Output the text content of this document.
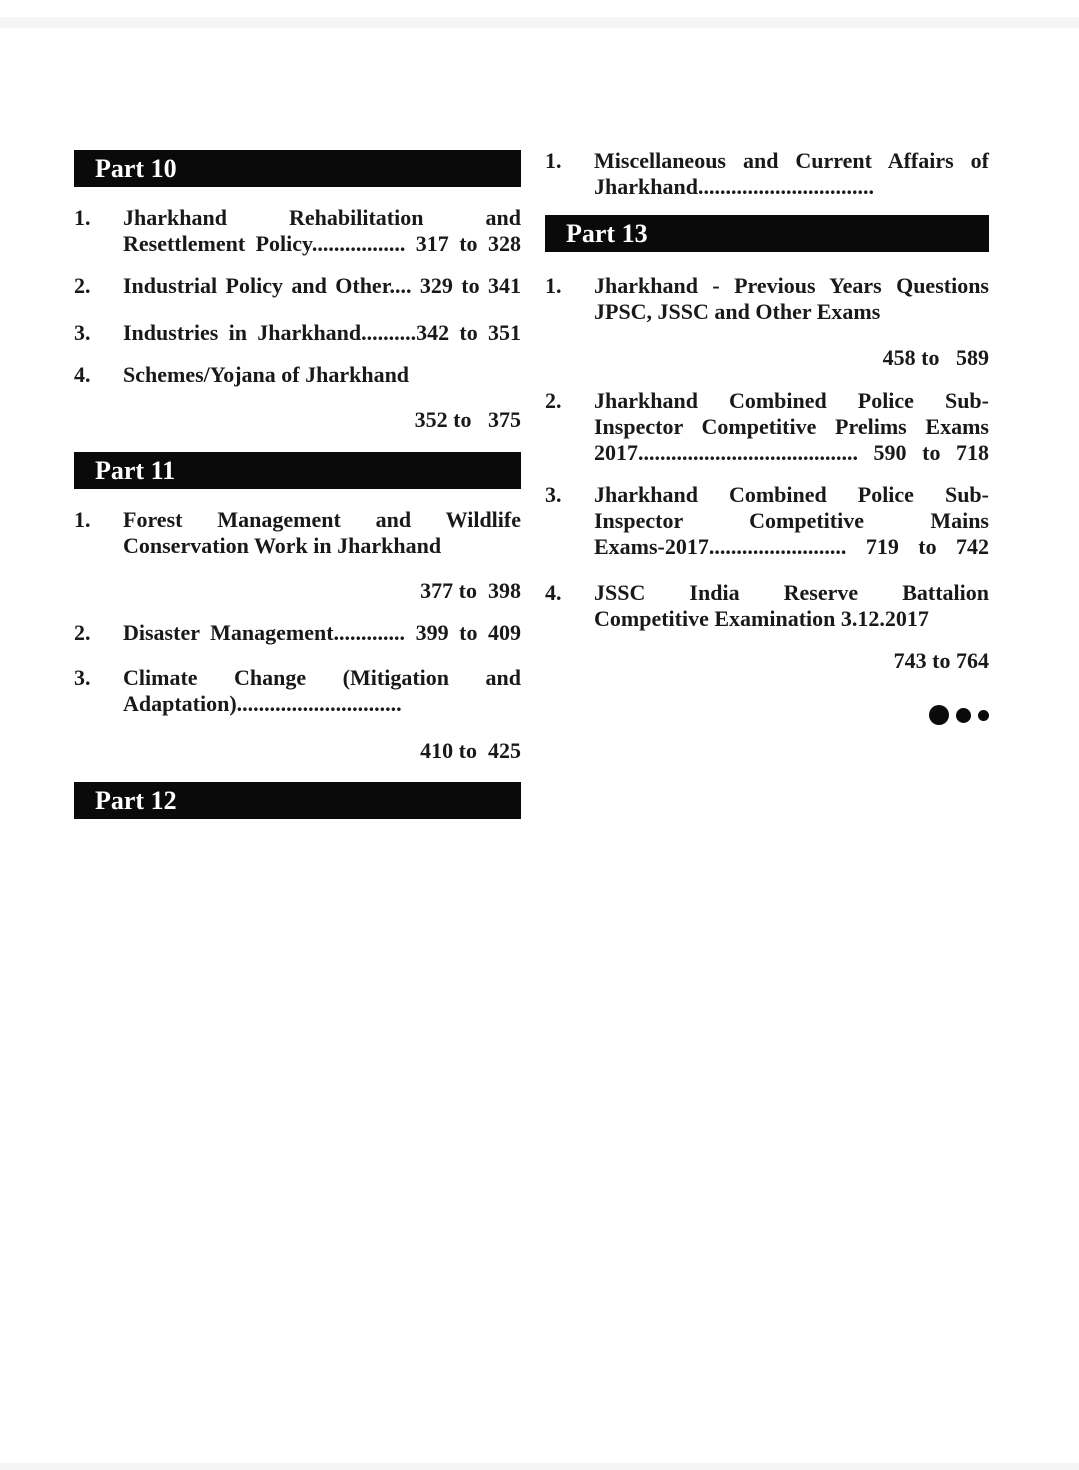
Part 10
1.	Jharkhand Rehabilitation and
Resettlement Policy................. 317 to 328
2.	Industrial Policy and Other.... 329 to 341
3.	Industries in Jharkhand..........342 to 351
4.	Schemes/Yojana of Jharkhand
352 to   375
Part 11
1.	Forest Management and Wildlife
Conservation Work in Jharkhand
377 to  398
2.	Disaster Management............. 399 to 409
3.	Climate Change (Mitigation and
Adaptation)..............................
410 to  425
Part 12
1.	Miscellaneous and Current Affairs of
Jharkhand................................
Part 13
1.	Jharkhand - Previous Years Questions
JPSC, JSSC and Other Exams
458 to   589
2.	Jharkhand Combined Police Sub-
Inspector Competitive Prelims Exams
2017........................................ 590 to 718
3.	Jharkhand Combined Police Sub-
Inspector Competitive Mains
Exams-2017......................... 719 to 742
4.	JSSC India Reserve Battalion
Competitive Examination 3.12.2017
743 to 764
